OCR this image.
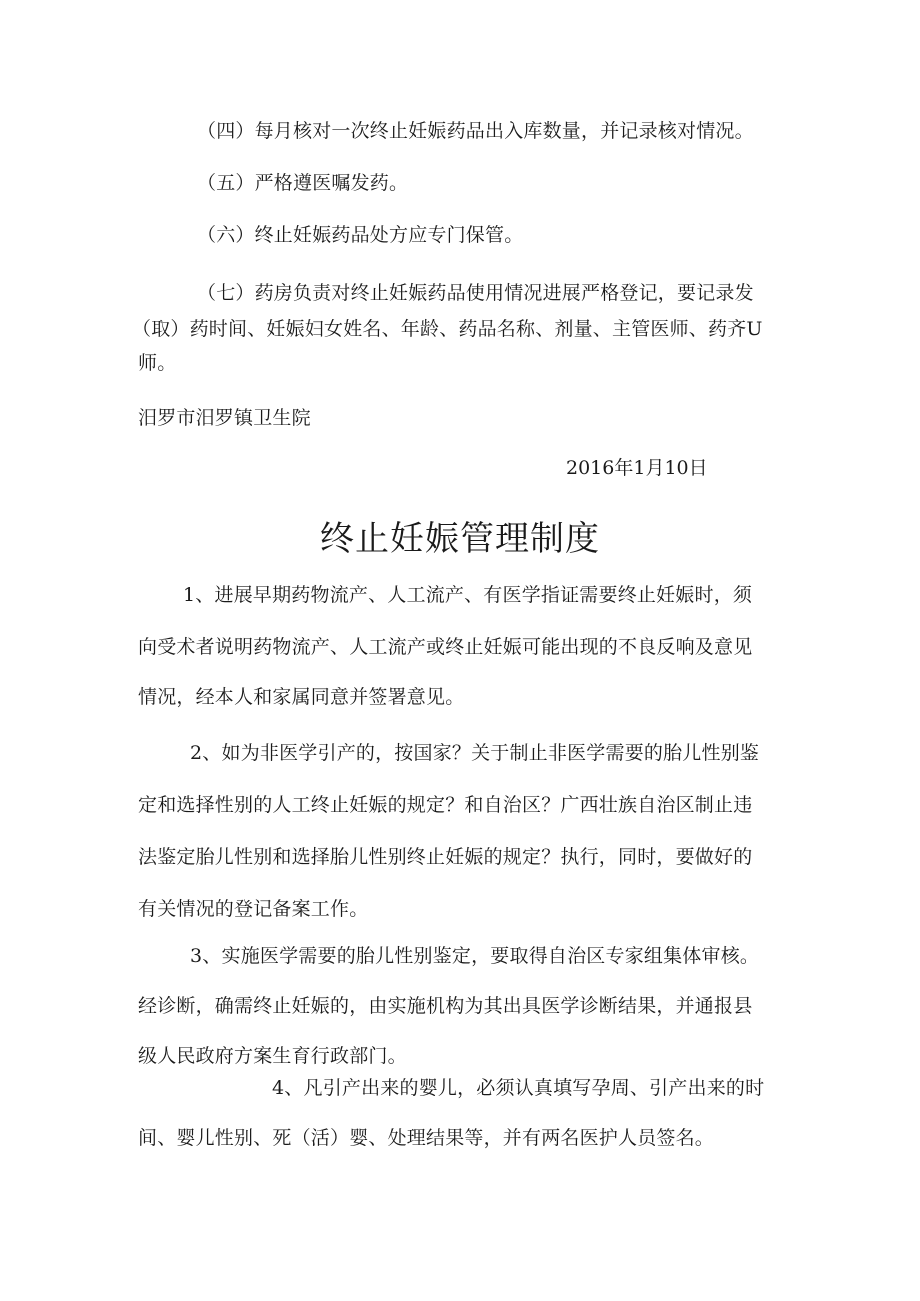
（四）每月核对一次终止妊娠药品出入库数量，并记录核对情况。
（五）严格遵医嘱发药。
（六）终止妊娠药品处方应专门保管。
（七）药房负责对终止妊娠药品使用情况进展严格登记，要记录发
（取）药时间、妊娠妇女姓名、年龄、药品名称、剂量、主管医师、药齐U
师。
汨罗市汨罗镇卫生院
2016年1月10日
终止妊娠管理制度
1、进展早期药物流产、人工流产、有医学指证需要终止妊娠时，须
向受术者说明药物流产、人工流产或终止妊娠可能出现的不良反响及意见
情况，经本人和家属同意并签署意见。
2、如为非医学引产的，按国家？关于制止非医学需要的胎儿性别鉴
定和选择性别的人工终止妊娠的规定？和自治区？广西壮族自治区制止违
法鉴定胎儿性别和选择胎儿性别终止妊娠的规定？执行，同时，要做好的
有关情况的登记备案工作。
3、实施医学需要的胎儿性别鉴定，要取得自治区专家组集体审核。
经诊断，确需终止妊娠的，由实施机构为其出具医学诊断结果，并通报县
级人民政府方案生育行政部门。
4、凡引产出来的婴儿，必须认真填写孕周、引产出来的时
间、婴儿性别、死（活）婴、处理结果等，并有两名医护人员签名。
